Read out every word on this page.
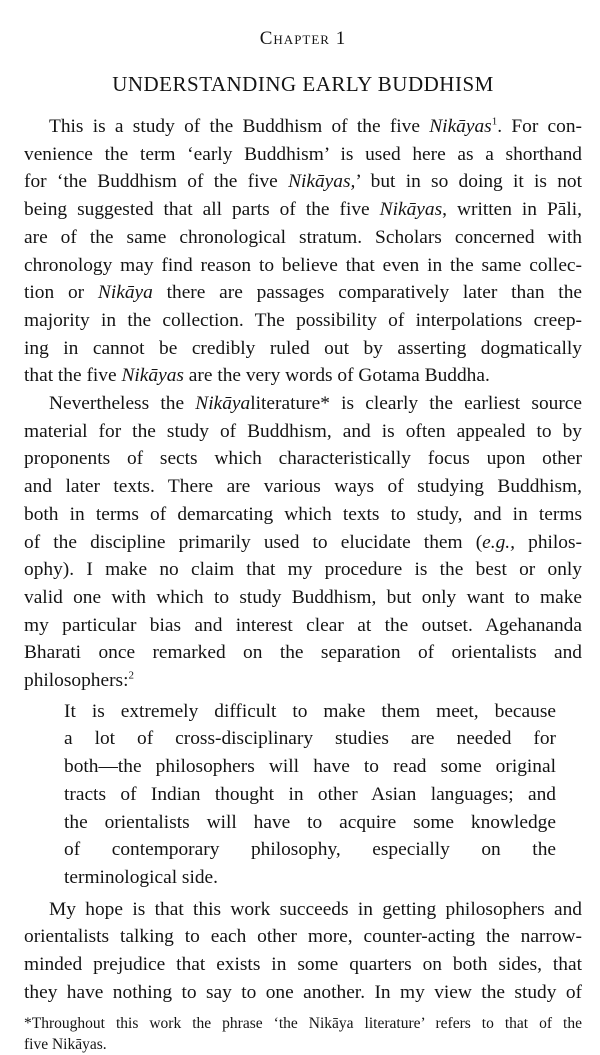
Chapter 1
UNDERSTANDING EARLY BUDDHISM

This is a study of the Buddhism of the five Nikāyas$^1$. For con-
venience the term ‘early Buddhism’ is used here as a shorthand
for ‘the Buddhism of the five Nikāyas,’ but in so doing it is not
being suggested that all parts of the five Nikāyas, written in Pāli,
are of the same chronological stratum. Scholars concerned with
chronology may find reason to believe that even in the same collec-
tion or Nikāya there are passages comparatively later than the
majority in the collection. The possibility of interpolations creep-
ing in cannot be credibly ruled out by asserting dogmatically
that the five Nikāyas are the very words of Gotama Buddha.

Nevertheless the Nikāyaliterature* is clearly the earliest source
material for the study of Buddhism, and is often appealed to by
proponents of sects which characteristically focus upon other
and later texts. There are various ways of studying Buddhism,
both in terms of demarcating which texts to study, and in terms
of the discipline primarily used to elucidate them (e.g., philos-
ophy). I make no claim that my procedure is the best or only
valid one with which to study Buddhism, but only want to make
my particular bias and interest clear at the outset. Agehananda
Bharati once remarked on the separation of orientalists and
philosophers:$^2$

It is extremely difficult to make them meet, because
a lot of cross-disciplinary studies are needed for
both—the philosophers will have to read some original
tracts of Indian thought in other Asian languages; and
the orientalists will have to acquire some knowledge
of contemporary philosophy, especially on the
terminological side.

My hope is that this work succeeds in getting philosophers and
orientalists talking to each other more, counter-acting the narrow-
minded prejudice that exists in some quarters on both sides, that
they have nothing to say to one another. In my view the study of

*Throughout this work the phrase ‘the Nikāya literature’ refers to that of the
five Nikāyas.
